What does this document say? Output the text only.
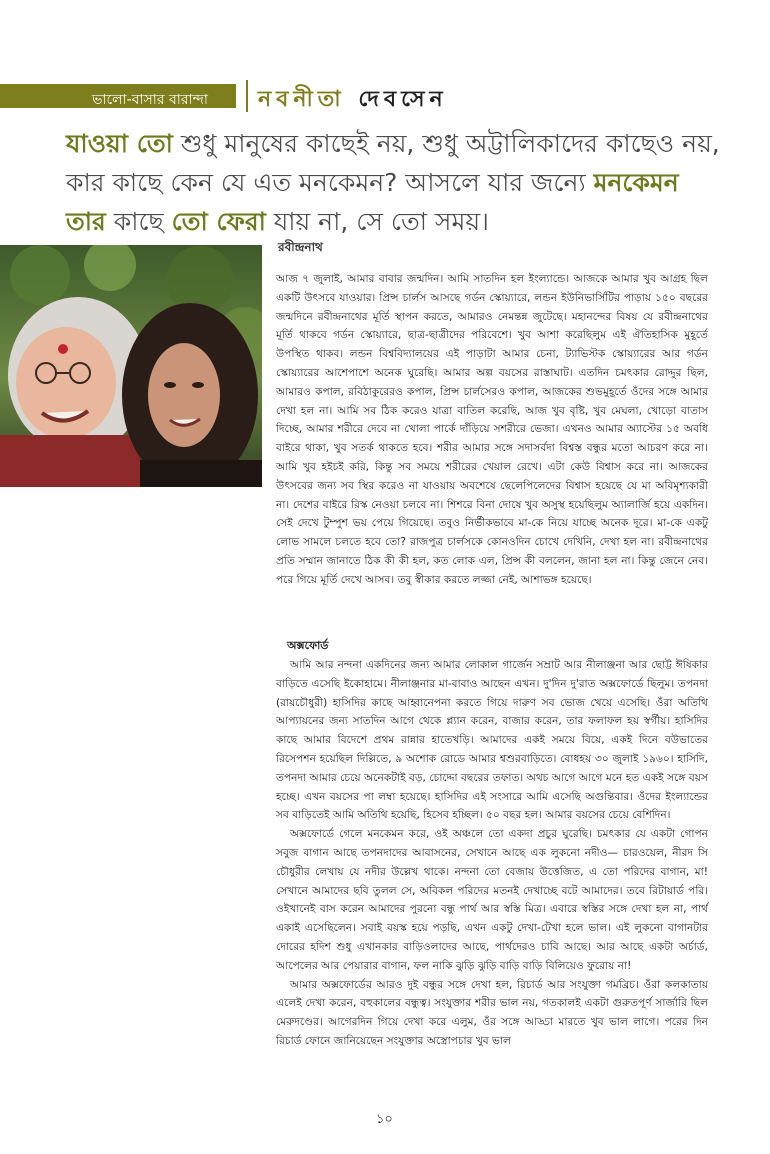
ভালো-বাসার বারান্দা নবনীতা দেবসেন
যাওয়া তো শুধু মানুষের কাছেই নয়, শুধু অট্টালিকাদের কাছেও নয়, কার কাছে কেন যে এত মনকেমন? আসলে যার জন্যে মনকেমন তার কাছে তো ফেরা যায় না, সে তো সময়।
রবীন্দ্রনাথ
আজ ৭ জুলাই, আমার বাবার জন্মদিন। আমি সাতদিন হল ইংল্যান্ডে। আজকে আমার খুব আগ্রহ ছিল একটি উৎসবে যাওয়ার। প্রিন্স চার্লস আসছে গর্ডন স্কোয়্যারে, লন্ডন ইউনিভার্সিটির পাড়ায় ১৫০ বছরের জন্মদিনে রবীন্দ্রনাথের মূর্তি স্থাপন করতে, আমারও নেমন্তন্ন জুটেছে। মহানন্দের বিষয় যে রবীন্দ্রনাথের মূর্তি থাকবে গর্ডন স্কোয়্যারে, ছাত্র-ছাত্রীদের পরিবেশে। খুব আশা করেছিলুম এই ঐতিহাসিক মুহূর্তে উপস্থিত থাকব। লন্ডন বিশ্ববিদ্যালয়ের এই পাড়াটা আমার চেনা, ট্যাভিস্টক স্কোয়্যারের আর গর্ডন স্কোয়্যারের আশেপাশে অনেক ঘুরেছি। আমার অল্প বয়সের রাস্তাঘাট। এতদিন চমৎকার রোদ্দুর ছিল, আমারও কপাল, রবিঠাকুরেরও কপাল, প্রিন্স চার্লসেরও কপাল, আজকের শুভমুহূর্তে ওঁদের সঙ্গে আমার দেখা হল না। আমি সব ঠিক করেও যাত্রা বাতিল করেছি, আজ খুব বৃষ্টি, খুব মেঘলা, খোড়ো বাতাস দিচ্ছে, আমার শরীরে দেবে না খোলা পার্কে দাঁড়িয়ে সশরীরে ভেজা। এখনও আমার অ্যাস্টের ১৫ অবধি বাইরে থাকা, খুব সতর্ক থাকতে হবে। শরীর আমার সঙ্গে সদাসর্বদা বিশ্বস্ত বন্ধুর মতো আচরণ করে না। আমি খুব হইচই করি, কিন্তু সব সময়ে শরীরের খেয়াল রেখে। এটা কেউ বিশ্বাস করে না। আজকের উৎসবের জন্য সব স্থির করেও না যাওয়ায় অবশেষে ছেলেপিলেদের বিশ্বাস হয়েছে যে মা অবিমৃশ্যকারী না। দেশের বাইরে রিস্ক নেওয়া চলবে না। শিশরে বিনা দোষে খুব অসুস্থ হয়েছিলুম অ্যালার্জি হয়ে একদিন। সেই দেখে টুম্পুশ ভয় পেয়ে গিয়েছে। তবুও নির্ভীকভাবে মা-কে নিয়ে যাচ্ছে অনেক দূরে। মা-কে একটু লোভ সামলে চলতে হবে তো? রাজপুত্র চার্লসকে কোনওদিন চোখে দেখিনি, দেখা হল না। রবীন্দ্রনাথের প্রতি সম্মান জানাতে ঠিক কী কী হল, কত লোক এল, প্রিন্স কী বললেন, জানা হল না। কিন্তু জেনে নেব। পরে গিয়ে মূর্তি দেখে আসব। তবু স্বীকার করতে লজ্জা নেই, আশাভঙ্গ হয়েছে।
অক্সফোর্ড

আমি আর নন্দনা একদিনের জন্য আমার লোকাল গার্জেন সম্রাট আর নীলাঞ্জনা আর ছোট্ট ঈষিকার বাড়িতে এসেছি ইকোহামে। নীলাঞ্জনার মা-বাবাও আছেন এখন। দু'দিন দু'রাত অক্সফোর্ডে ছিলুম। তপনদা (রায়চৌধুরী) হাসিদির কাছে আহ্বানেপনা করতে গিয়ে দারুণ সব ভোজ খেয়ে এসেছি। ওঁরা অতিথি আপ্যায়নের জন্য সাতদিন আগে থেকে প্ল্যান করেন, বাজার করেন, তার ফলাফল হয় স্বর্গীয়। হাসিদির কাছে আমার বিদেশে প্রথম রান্নার হাতেখড়ি। আমাদের একই সময়ে বিয়ে, একই দিনে বউভাতের রিসেপশন হয়েছিল দিল্লিতে, ৯ অশোক রোডে আমার শ্বশুরবাড়িতে। বোধহয় ৩০ জুলাই ১৯৬০। হাসিদি, তপনদা আমার চেয়ে অনেকটাই বড়, চোদ্দো বছরের তফাত। অথচ আগে আগে মনে হত একই সঙ্গে বয়স হচ্ছে। এখন বয়সের পা লম্বা হয়েছে। হাসিদির এই সংসারে আমি এসেছি অগুন্তিবার। ওঁদের ইংল্যান্ডের সব বাড়িতেই আমি অতিথি হয়েছি, হিসেব হচ্ছিল। ৫০ বছর হল। আমার বয়সের চেয়ে বেশিদিন।

অক্সফোর্ডে গেলে মনকেমন করে, ওই অঞ্চলে তো একদা প্রচুর ঘুরেছি। চমৎকার যে একটা গোপন সবুজ বাগান আছে তপনদাদের আবাসনের, সেখানে আছে এক লুকনো নদীও— চারওয়েল, নীরদ সি চৌধুরীর লেখায় যে নদীর উল্লেখ থাকে। নন্দনা তো বেজায় উত্তেজিত, এ তো পরিদের বাগান, মা! সেখানে আমাদের ছবি তুলল সে, অবিকল পরিদের মতনই দেখাচ্ছে বটে আমাদের। তবে রিটায়ার্ড পরি। ওইখানেই বাস করেন আমাদের পুরনো বন্ধু পার্থ আর স্বস্তি মিত্র। এবারে স্বস্তির সঙ্গে দেখা হল না, পার্থ একাই এসেছিলেন। সবাই বয়স্ক হয়ে পড়ছি, এখন একটু দেখা-টেখা হলে ভাল। এই লুকনো বাগানটার দোরের হদিশ শুধু এখানকার বাড়িওলাদের আছে, পার্থদেরও চাবি আছে। আর আছে একটা অর্চার্ড, আপেলের আর পেয়ারার বাগান, ফল নাকি ঝুড়ি ঝুড়ি বাড়ি বাড়ি বিলিয়েও ফুরোয় না!

আমার অক্সফোর্ডের আরও দুই বন্ধুর সঙ্গে দেখা হল, রিচার্ড আর সংযুক্তা গমব্রিচ। ওঁরা কলকাতায় এলেই দেখা করেন, বহুকালের বন্ধুত্ব। সংযুক্তার শরীর ভাল নয়, গতকালই একটা গুরুতপূর্ণ সার্জারি ছিল মেরুদণ্ডের। আগেরদিন গিয়ে দেখা করে এলুম, ওঁর সঙ্গে আড্ডা মারতে খুব ভাল লাগে। পরের দিন রিচার্ড ফোনে জানিয়েছেন সংযুক্তার অস্ত্রোপচার খুব ভাল

১০
